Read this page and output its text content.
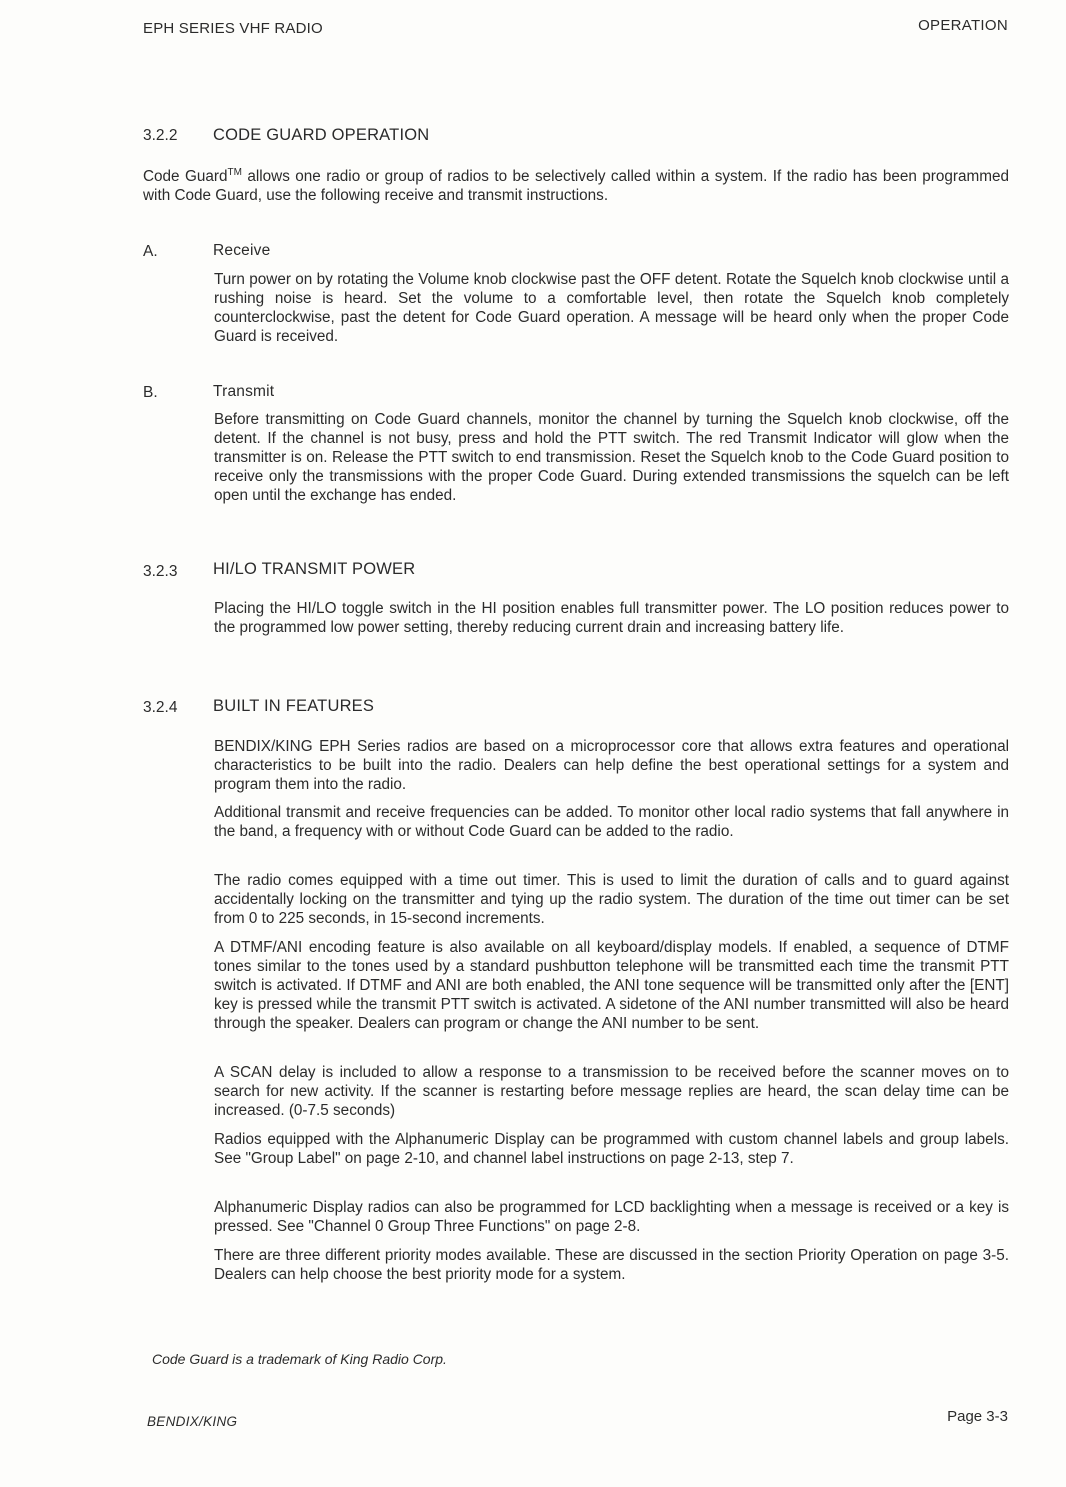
EPH SERIES VHF RADIO	OPERATION
3.2.2 CODE GUARD OPERATION

Code Guard™ allows one radio or group of radios to be selectively called within a system. If the radio has been programmed with Code Guard, use the following receive and transmit instructions.

A.	Receive

Turn power on by rotating the Volume knob clockwise past the OFF detent. Rotate the Squelch knob clockwise until a rushing noise is heard. Set the volume to a comfortable level, then rotate the Squelch knob completely counterclockwise, past the detent for Code Guard operation. A message will be heard only when the proper Code Guard is received.

B.	Transmit

Before transmitting on Code Guard channels, monitor the channel by turning the Squelch knob clockwise, off the detent. If the channel is not busy, press and hold the PTT switch. The red Transmit Indicator will glow when the transmitter is on. Release the PTT switch to end transmission. Reset the Squelch knob to the Code Guard position to receive only the transmissions with the proper Code Guard. During extended transmissions the squelch can be left open until the exchange has ended.

3.2.3 HI/LO TRANSMIT POWER

Placing the HI/LO toggle switch in the HI position enables full transmitter power. The LO position reduces power to the programmed low power setting, thereby reducing current drain and increasing battery life.

3.2.4 BUILT IN FEATURES

BENDIX/KING EPH Series radios are based on a microprocessor core that allows extra features and operational characteristics to be built into the radio. Dealers can help define the best operational settings for a system and program them into the radio.

Additional transmit and receive frequencies can be added. To monitor other local radio systems that fall anywhere in the band, a frequency with or without Code Guard can be added to the radio.

The radio comes equipped with a time out timer. This is used to limit the duration of calls and to guard against accidentally locking on the transmitter and tying up the radio system. The duration of the time out timer can be set from 0 to 225 seconds, in 15-second increments.

A DTMF/ANI encoding feature is also available on all keyboard/display models. If enabled, a sequence of DTMF tones similar to the tones used by a standard pushbutton telephone will be transmitted each time the transmit PTT switch is activated. If DTMF and ANI are both enabled, the ANI tone sequence will be transmitted only after the [ENT] key is pressed while the transmit PTT switch is activated. A sidetone of the ANI number transmitted will also be heard through the speaker. Dealers can program or change the ANI number to be sent.

A SCAN delay is included to allow a response to a transmission to be received before the scanner moves on to search for new activity. If the scanner is restarting before message replies are heard, the scan delay time can be increased. (0-7.5 seconds)

Radios equipped with the Alphanumeric Display can be programmed with custom channel labels and group labels. See "Group Label" on page 2-10, and channel label instructions on page 2-13, step 7.

Alphanumeric Display radios can also be programmed for LCD backlighting when a message is received or a key is pressed. See "Channel 0 Group Three Functions" on page 2-8.

There are three different priority modes available. These are discussed in the section Priority Operation on page 3-5. Dealers can help choose the best priority mode for a system.

Code Guard is a trademark of King Radio Corp.
BENDIX/KING	Page 3-3
